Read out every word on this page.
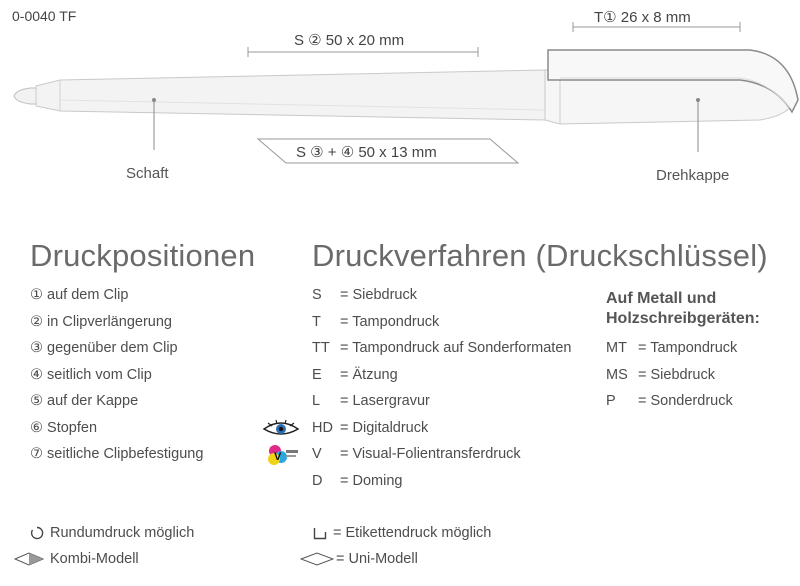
0-0040 TF	T① 26 x 8 mm
S ② 50 x 20 mm
S ③ + ④ 50 x 13 mm
Schaft	Drehkappe
Druckpositionen Druckverfahren (Druckschlüssel)
① auf dem Clip
② in Clipverlängerung
③ gegenüber dem Clip
④ seitlich vom Clip
⑤ auf der Kappe
⑥ Stopfen
⑦ seitliche Clipbefestigung	V
S	= Siebdruck
T	= Tampondruck
TT = Tampondruck auf Sonderformaten
E	= Ätzung
L	= Lasergravur
HD = Digitaldruck
V	= Visual-Folientransferdruck
D	= Doming
Auf Metall und
Holzschreibgeräten:
MT = Tampondruck
MS = Siebdruck
P	= Sonderdruck
Rundumdruck möglich
Kombi-Modell
= Etikettendruck möglich
= Uni-Modell
